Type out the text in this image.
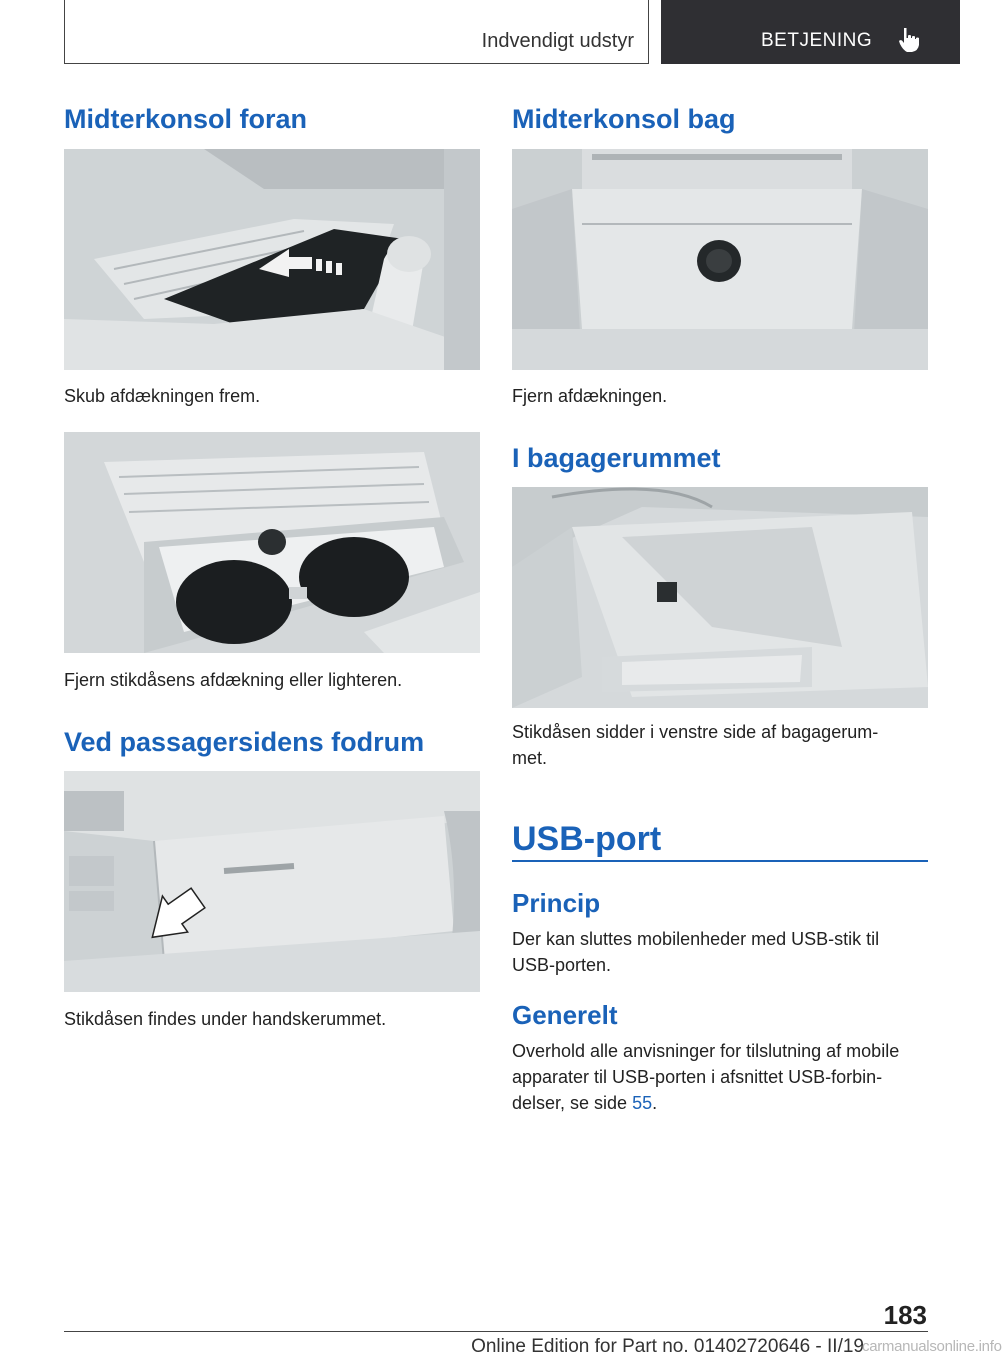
Indvendigt udstyr	BETJENING
Midterkonsol foran

Skub afdækningen frem.

Fjern stikdåsens afdækning eller lighteren.

Ved passagersidens fodrum

Stikdåsen findes under handskerummet.

Midterkonsol bag

Fjern afdækningen.

I bagagerummet

Stikdåsen sidder i venstre side af bagagerum-
met.

USB-port
Princip

Der kan sluttes mobilenheder med USB-stik til
USB-porten.

Generelt

Overhold alle anvisninger for tilslutning af mobile
apparater til USB-porten i afsnittet USB-forbin-
delser, se side 55.

183
Online Edition for Part no. 01402720646 - II/19
carmanualsonline.info
